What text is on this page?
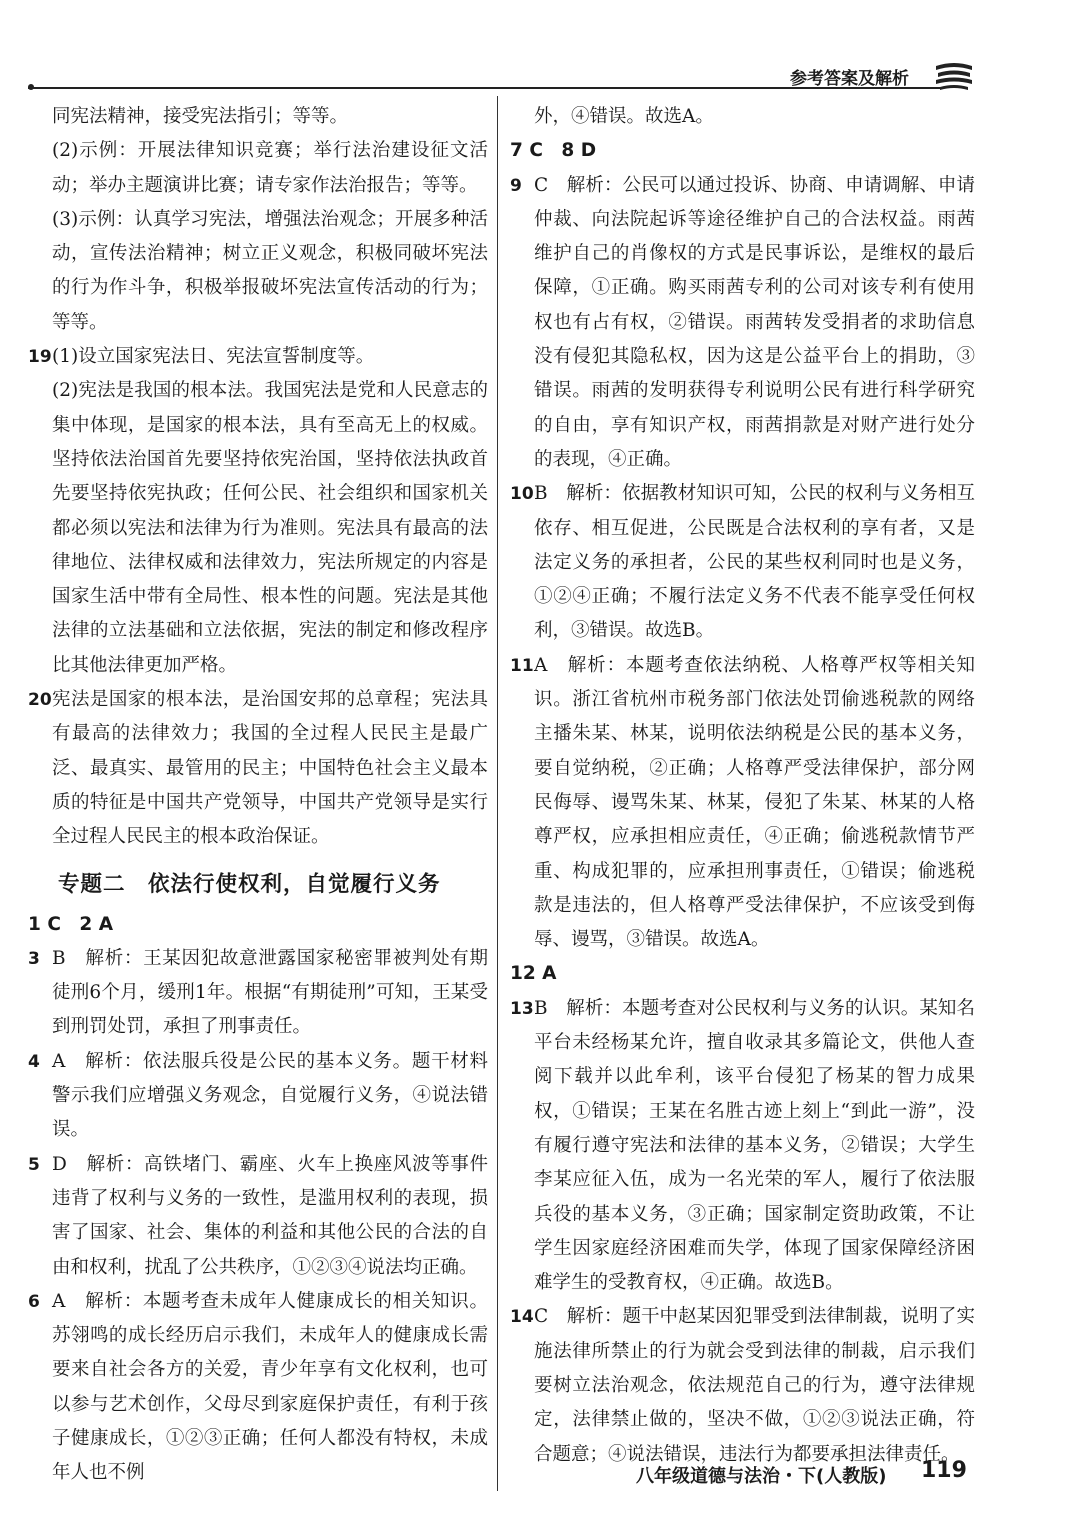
参考答案及解析
同宪法精神，接受宪法指引；等等。
(2)示例：开展法律知识竞赛；举行法治建设征文活动；举办主题演讲比赛；请专家作法治报告；等等。
(3)示例：认真学习宪法，增强法治观念；开展多种活动，宣传法治精神；树立正义观念，积极同破坏宪法的行为作斗争，积极举报破坏宪法宣传活动的行为；等等。
19 (1)设立国家宪法日、宪法宣誓制度等。
(2)宪法是我国的根本法。我国宪法是党和人民意志的集中体现，是国家的根本法，具有至高无上的权威。坚持依法治国首先要坚持依宪治国，坚持依法执政首先要坚持依宪执政；任何公民、社会组织和国家机关都必须以宪法和法律为行为准则。宪法具有最高的法律地位、法律权威和法律效力，宪法所规定的内容是国家生活中带有全局性、根本性的问题。宪法是其他法律的立法基础和立法依据，宪法的制定和修改程序比其他法律更加严格。
20 宪法是国家的根本法，是治国安邦的总章程；宪法具有最高的法律效力；我国的全过程人民民主是最广泛、最真实、最管用的民主；中国特色社会主义最本质的特征是中国共产党领导，中国共产党领导是实行全过程人民民主的根本政治保证。
专题二　依法行使权利，自觉履行义务
1 C　2 A
3 B　解析：王某因犯故意泄露国家秘密罪被判处有期徒刑6个月，缓刑1年。根据“有期徒刑”可知，王某受到刑罚处罚，承担了刑事责任。
4 A　解析：依法服兵役是公民的基本义务。题干材料警示我们应增强义务观念，自觉履行义务，④说法错误。
5 D　解析：高铁堵门、霸座、火车上换座风波等事件违背了权利与义务的一致性，是滥用权利的表现，损害了国家、社会、集体的利益和其他公民的合法的自由和权利，扰乱了公共秩序，①②③④说法均正确。
6 A　解析：本题考查未成年人健康成长的相关知识。苏翎鸣的成长经历启示我们，未成年人的健康成长需要来自社会各方的关爱，青少年享有文化权利，也可以参与艺术创作，父母尽到家庭保护责任，有利于孩子健康成长，①②③正确；任何人都没有特权，未成年人也不例
外，④错误。故选A。
7 C　8 D
9 C　解析：公民可以通过投诉、协商、申请调解、申请仲裁、向法院起诉等途径维护自己的合法权益。雨茜维护自己的肖像权的方式是民事诉讼，是维权的最后保障，①正确。购买雨茜专利的公司对该专利有使用权也有占有权，②错误。雨茜转发受捐者的求助信息没有侵犯其隐私权，因为这是公益平台上的捐助，③错误。雨茜的发明获得专利说明公民有进行科学研究的自由，享有知识产权，雨茜捐款是对财产进行处分的表现，④正确。
10 B　解析：依据教材知识可知，公民的权利与义务相互依存、相互促进，公民既是合法权利的享有者，又是法定义务的承担者，公民的某些权利同时也是义务，①②④正确；不履行法定义务不代表不能享受任何权利，③错误。故选B。
11 A　解析：本题考查依法纳税、人格尊严权等相关知识。浙江省杭州市税务部门依法处罚偷逃税款的网络主播朱某、林某，说明依法纳税是公民的基本义务，要自觉纳税，②正确；人格尊严受法律保护，部分网民侮辱、谩骂朱某、林某，侵犯了朱某、林某的人格尊严权，应承担相应责任，④正确；偷逃税款情节严重、构成犯罪的，应承担刑事责任，①错误；偷逃税款是违法的，但人格尊严受法律保护，不应该受到侮辱、谩骂，③错误。故选A。
12 A
13 B　解析：本题考查对公民权利与义务的认识。某知名平台未经杨某允许，擅自收录其多篇论文，供他人查阅下载并以此牟利，该平台侵犯了杨某的智力成果权，①错误；王某在名胜古迹上刻上“到此一游”，没有履行遵守宪法和法律的基本义务，②错误；大学生李某应征入伍，成为一名光荣的军人，履行了依法服兵役的基本义务，③正确；国家制定资助政策，不让学生因家庭经济困难而失学，体现了国家保障经济困难学生的受教育权，④正确。故选B。
14 C　解析：题干中赵某因犯罪受到法律制裁，说明了实施法律所禁止的行为就会受到法律的制裁，启示我们要树立法治观念，依法规范自己的行为，遵守法律规定，法律禁止做的，坚决不做，①②③说法正确，符合题意；④说法错误，违法行为都要承担法律责任。
八年级道德与法治・下(人教版) 119
